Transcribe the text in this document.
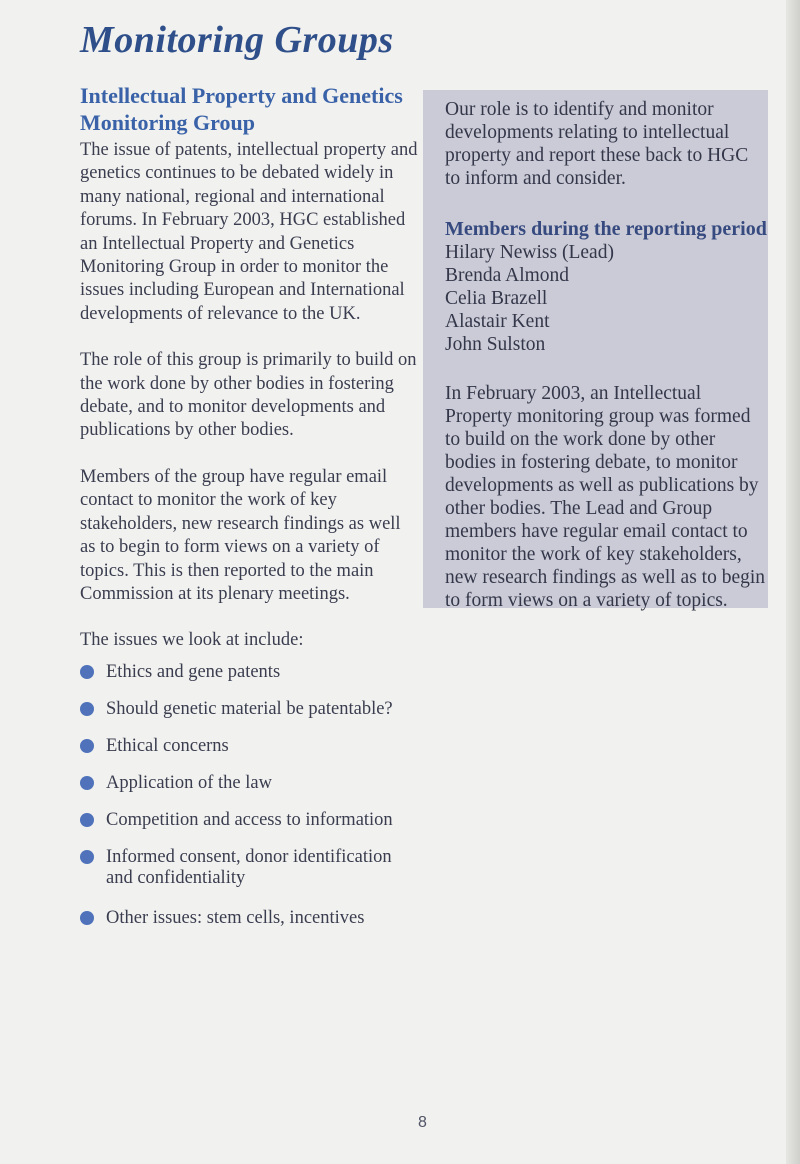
Monitoring Groups
Intellectual Property and Genetics Monitoring Group

The issue of patents, intellectual property and genetics continues to be debated widely in many national, regional and international forums. In February 2003, HGC established an Intellectual Property and Genetics Monitoring Group in order to monitor the issues including European and International developments of relevance to the UK.

The role of this group is primarily to build on the work done by other bodies in fostering debate, and to monitor developments and publications by other bodies.

Members of the group have regular email contact to monitor the work of key stakeholders, new research findings as well as to begin to form views on a variety of topics. This is then reported to the main Commission at its plenary meetings.

The issues we look at include:

Ethics and gene patents
Should genetic material be patentable?
Ethical concerns
Application of the law
Competition and access to information
Informed consent, donor identification and confidentiality
Other issues: stem cells, incentives

Our role is to identify and monitor developments relating to intellectual property and report these back to HGC to inform and consider.

Members during the reporting period
Hilary Newiss (Lead)
Brenda Almond
Celia Brazell
Alastair Kent
John Sulston

In February 2003, an Intellectual Property monitoring group was formed to build on the work done by other bodies in fostering debate, to monitor developments as well as publications by other bodies. The Lead and Group members have regular email contact to monitor the work of key stakeholders, new research findings as well as to begin to form views on a variety of topics.

8
